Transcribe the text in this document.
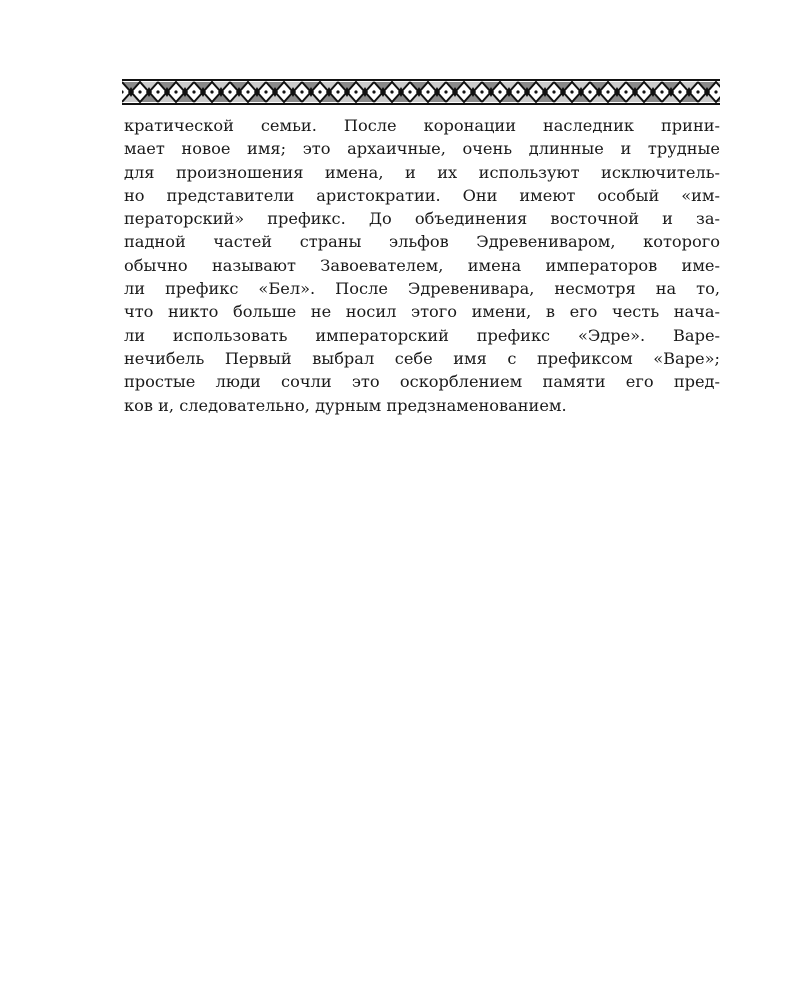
кратической семьи. После коронации наследник прини-
мает новое имя; это архаичные, очень длинные и трудные
для произношения имена, и их используют исключитель-
но представители аристократии. Они имеют особый «им-
ператорский» префикс. До объединения восточной и за-
падной частей страны эльфов Эдревениваром, которого
обычно называют Завоевателем, имена императоров име-
ли префикс «Бел». После Эдревенивара, несмотря на то,
что никто больше не носил этого имени, в его честь нача-
ли использовать императорский префикс «Эдре». Варе-
нечибель Первый выбрал себе имя с префиксом «Варе»;
простые люди сочли это оскорблением памяти его пред-
ков и, следовательно, дурным предзнаменованием.
